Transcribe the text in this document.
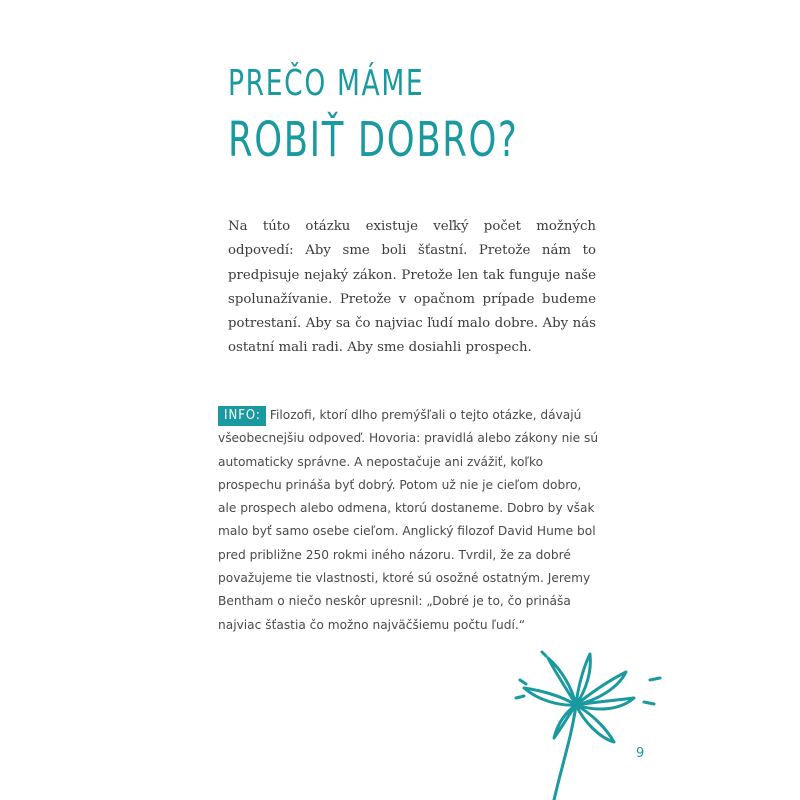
PREČO MÁME
ROBIŤ DOBRO?

Na túto otázku existuje veľký počet možných odpovedí: Aby sme boli šťastní. Pretože nám to predpisuje nejaký zákon. Pretože len tak funguje naše spolunažívanie. Pretože v opačnom prípade budeme potrestaní. Aby sa čo najviac ľudí malo dobre. Aby nás ostatní mali radi. Aby sme dosiahli prospech.

INFO: Filozofi, ktorí dlho premýšľali o tejto otázke, dávajú všeobecnejšiu odpoveď. Hovoria: pravidlá alebo zákony nie sú automaticky správne. A nepostačuje ani zvážiť, koľko prospechu prináša byť dobrý. Potom už nie je cieľom dobro, ale prospech alebo odmena, ktorú dostaneme. Dobro by však malo byť samo osebe cieľom. Anglický filozof David Hume bol pred približne 250 rokmi iného názoru. Tvrdil, že za dobré považujeme tie vlastnosti, ktoré sú osožné ostatným. Jeremy Bentham o niečo neskôr upresnil: „Dobré je to, čo prináša najviac šťastia čo možno najväčšiemu počtu ľudí.“

9
